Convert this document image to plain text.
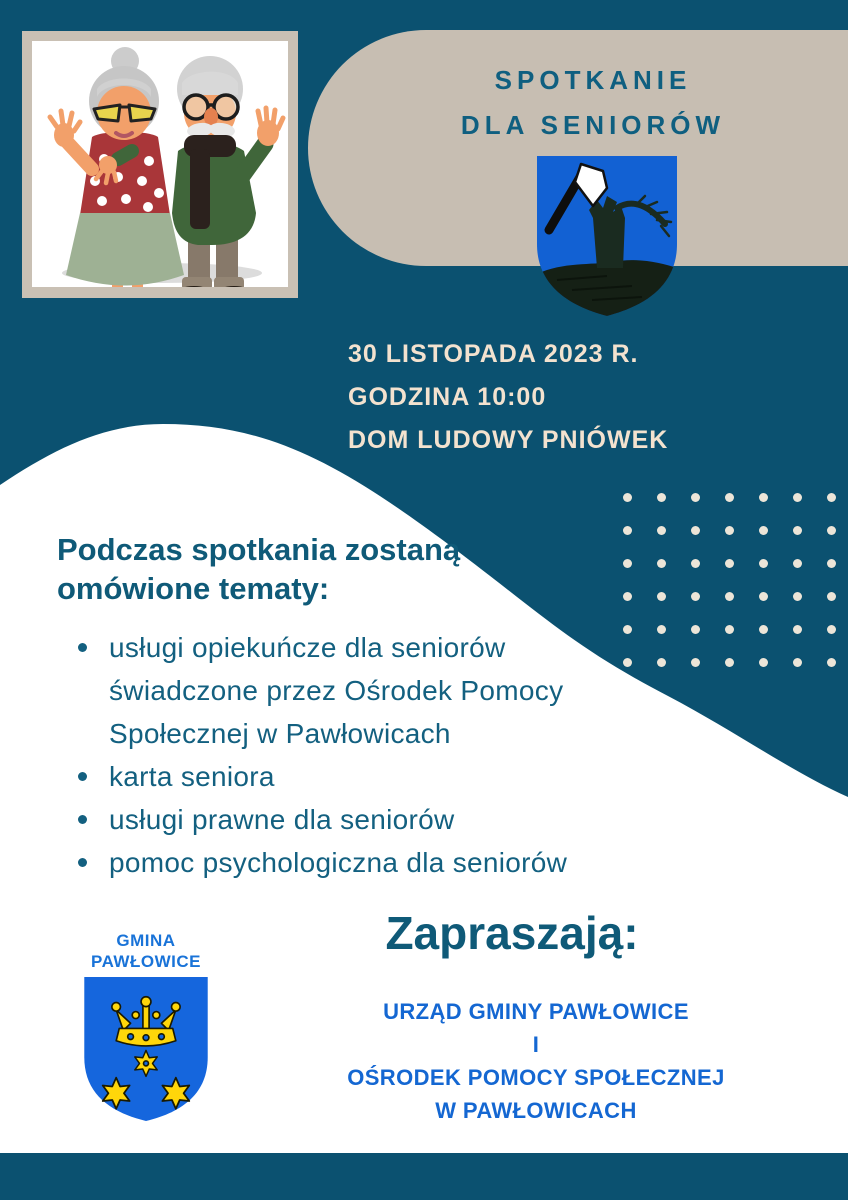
SPOTKANIE
DLA SENIORÓW
30 LISTOPADA 2023 R.
GODZINA 10:00
DOM LUDOWY PNIÓWEK
Podczas spotkania zostaną
omówione tematy:
usługi opiekuńcze dla seniorów świadczone przez Ośrodek Pomocy Społecznej w Pawłowicach
karta seniora
usługi prawne dla seniorów
pomoc psychologiczna dla seniorów
GMINA
PAWŁOWICE
Zapraszają:
URZĄD GMINY PAWŁOWICE
I
OŚRODEK POMOCY SPOŁECZNEJ
W PAWŁOWICACH
